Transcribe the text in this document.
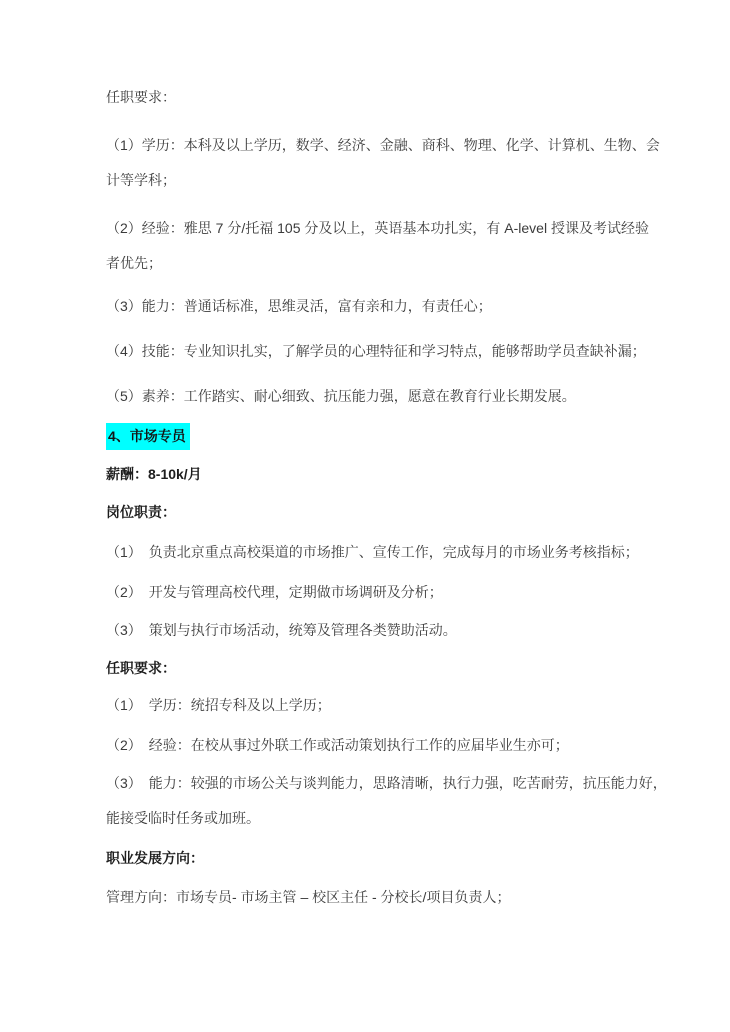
任职要求：
（1）学历：本科及以上学历，数学、经济、金融、商科、物理、化学、计算机、生物、会
计等学科；
（2）经验：雅思 7 分/托福 105 分及以上，英语基本功扎实，有 A-level 授课及考试经验
者优先；
（3）能力：普通话标准，思维灵活，富有亲和力，有责任心；
（4）技能：专业知识扎实，了解学员的心理特征和学习特点，能够帮助学员查缺补漏；
（5）素养：工作踏实、耐心细致、抗压能力强，愿意在教育行业长期发展。
4、市场专员
薪酬：8-10k/月
岗位职责：
（1）　负责北京重点高校渠道的市场推广、宣传工作，完成每月的市场业务考核指标；
（2）　开发与管理高校代理，定期做市场调研及分析；
（3）　策划与执行市场活动，统筹及管理各类赞助活动。
任职要求：
（1）　学历：统招专科及以上学历；
（2）　经验：在校从事过外联工作或活动策划执行工作的应届毕业生亦可；
（3）　能力：较强的市场公关与谈判能力，思路清晰，执行力强，吃苦耐劳，抗压能力好，
能接受临时任务或加班。
职业发展方向：
管理方向：市场专员- 市场主管 – 校区主任 - 分校长/项目负责人；
